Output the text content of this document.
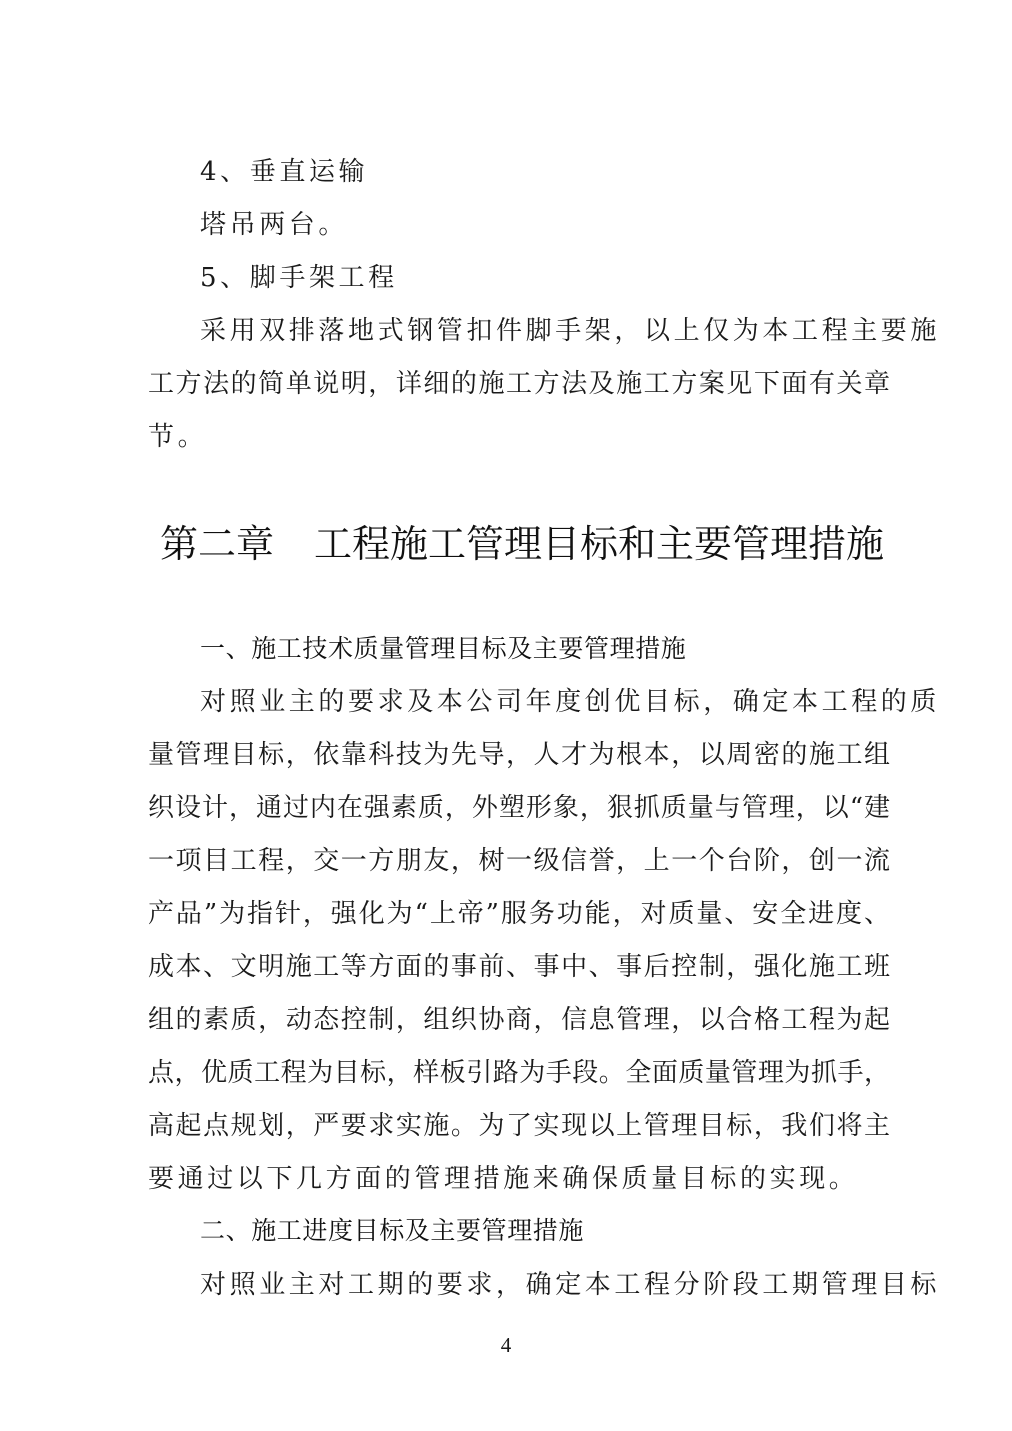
4、垂直运输
塔吊两台。
5、脚手架工程
采用双排落地式钢管扣件脚手架，以上仅为本工程主要施
工方法的简单说明，详细的施工方法及施工方案见下面有关章
节。
第二章 工程施工管理目标和主要管理措施
一、施工技术质量管理目标及主要管理措施
对照业主的要求及本公司年度创优目标，确定本工程的质
量管理目标，依靠科技为先导，人才为根本，以周密的施工组
织设计，通过内在强素质，外塑形象，狠抓质量与管理，以“建
一项目工程，交一方朋友，树一级信誉，上一个台阶，创一流
产品”为指针，强化为“上帝”服务功能，对质量、安全进度、
成本、文明施工等方面的事前、事中、事后控制，强化施工班
组的素质，动态控制，组织协商，信息管理，以合格工程为起
点，优质工程为目标，样板引路为手段。全面质量管理为抓手，
高起点规划，严要求实施。为了实现以上管理目标，我们将主
要通过以下几方面的管理措施来确保质量目标的实现。
二、施工进度目标及主要管理措施
对照业主对工期的要求，确定本工程分阶段工期管理目标
4
